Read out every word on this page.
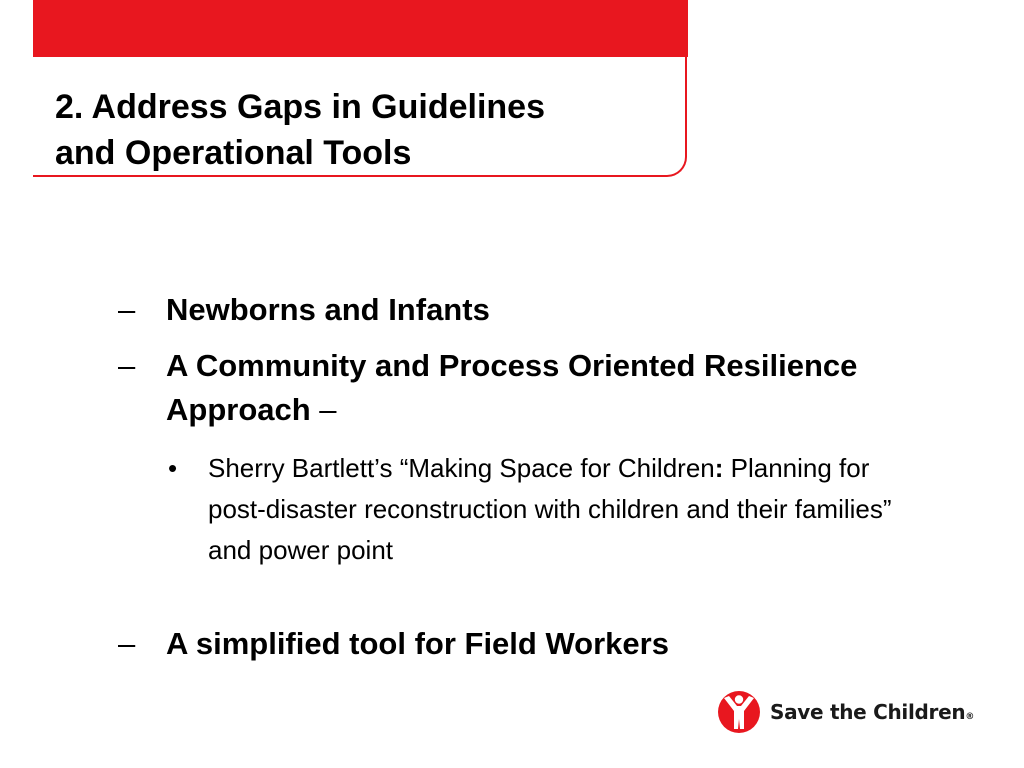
2. Address Gaps in Guidelines
and Operational Tools
– Newborns and Infants
– A Community and Process Oriented Resilience Approach –
• Sherry Bartlett’s “Making Space for Children: Planning for post-disaster reconstruction with children and their families” and power point
– A simplified tool for Field Workers
Save the Children®
